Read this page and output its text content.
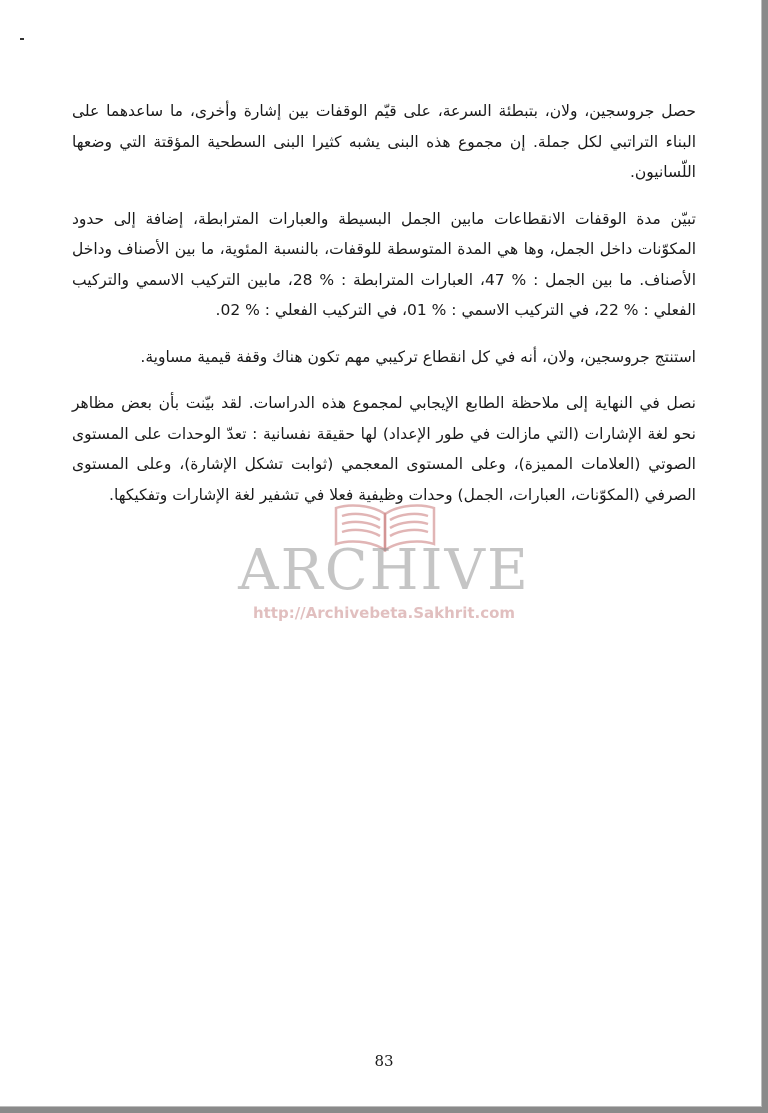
حصل جروسجين، ولان، بتبطئة السرعة، على قيّم الوقفات بين إشارة وأخرى، ما ساعدهما على البناء التراتبي لكل جملة. إن مجموع هذه البنى يشبه كثيرا البنى السطحية المؤقتة التي وضعها اللّسانيون.

تبيّن مدة الوقفات الانقطاعات مابين الجمل البسيطة والعبارات المترابطة، إضافة إلى حدود المكوّنات داخل الجمل، وها هي المدة المتوسطة للوقفات، بالنسبة المئوية، ما بين الأصناف وداخل الأصناف. ما بين الجمل : % 47، العبارات المترابطة : % 28، مابين التركيب الاسمي والتركيب الفعلي : % 22، في التركيب الاسمي : % 01، في التركيب الفعلي : % 02.

استنتج جروسجين، ولان، أنه في كل انقطاع تركيبي مهم تكون هناك وقفة قيمية مساوية.

نصل في النهاية إلى ملاحظة الطابع الإيجابي لمجموع هذه الدراسات. لقد بيّنت بأن بعض مظاهر نحو لغة الإشارات (التي مازالت في طور الإعداد) لها حقيقة نفسانية : تعدّ الوحدات على المستوى الصوتي (العلامات المميزة)، وعلى المستوى المعجمي (ثوابت تشكل الإشارة)، وعلى المستوى الصرفي (المكوّنات، العبارات، الجمل) وحدات وظيفية فعلا في تشفير لغة الإشارات وتفكيكها.

ARCHIVE
http://Archivebeta.Sakhrit.com
83
